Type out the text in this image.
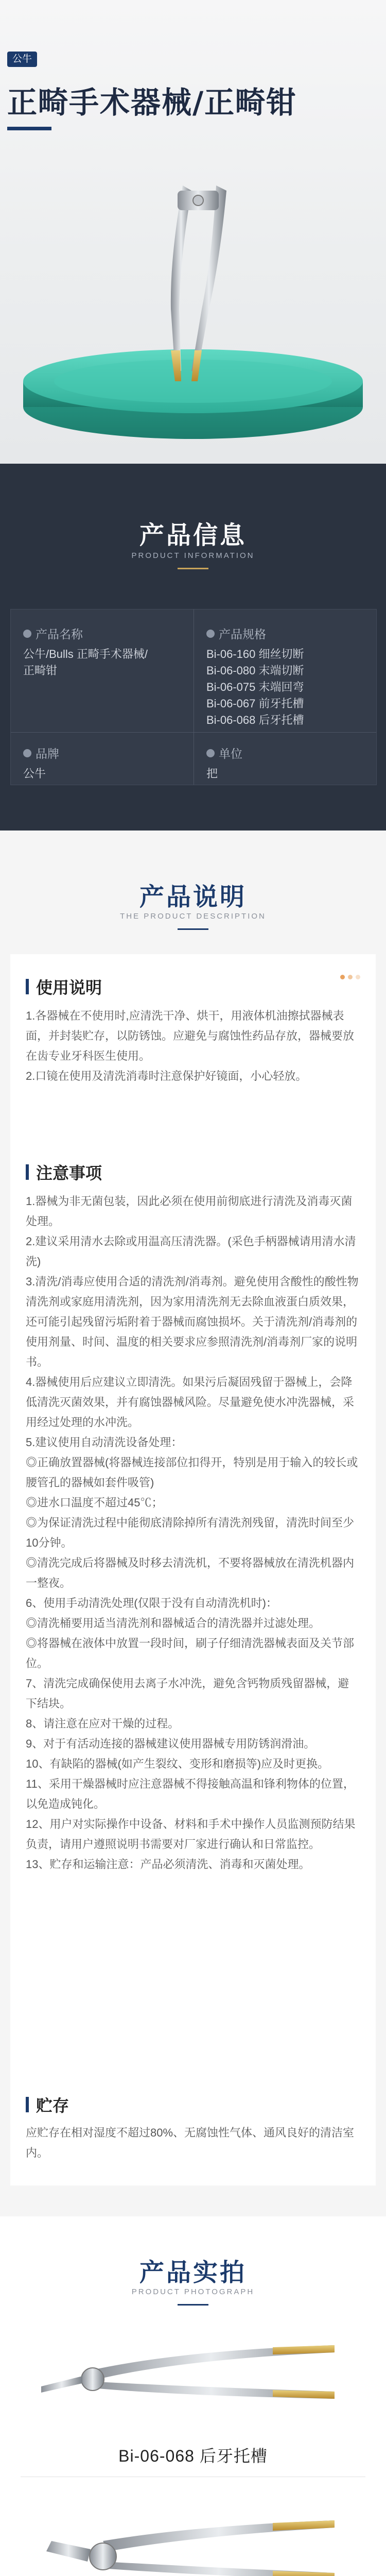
公牛
正畸手术器械/正畸钳
产品信息
PRODUCT INFORMATION
产品名称
公牛/Bulls 正畸手术器械/
正畸钳
产品规格
Bi-06-160 细丝切断
Bi-06-080 末端切断
Bi-06-075 末端回弯
Bi-06-067 前牙托槽
Bi-06-068 后牙托槽
品牌
公牛
单位
把
产品说明
THE PRODUCT DESCRIPTION
使用说明
1.各器械在不使用时,应清洗干净、烘干，用液体机油擦拭器械表面，并封装贮存，以防锈蚀。应避免与腐蚀性药品存放，器械要放在齿专业牙科医生使用。
2.口镜在使用及清洗消毒时注意保护好镜面，小心轻放。
注意事项
1.器械为非无菌包装，因此必须在使用前彻底进行清洗及消毒灭菌处理。
2.建议采用清水去除或用温高压清洗器。(采色手柄器械请用清水清洗)
3.清洗/消毒应使用合适的清洗剂/消毒剂。避免使用含酸性的酸性物清洗剂或家庭用清洗剂，因为家用清洗剂无去除血液蛋白质效果，还可能引起残留污垢附着于器械而腐蚀损坏。关于清洗剂/消毒剂的使用剂量、时间、温度的相关要求应参照清洗剂/消毒剂厂家的说明书。
4.器械使用后应建议立即清洗。如果污后凝固残留于器械上，会降低清洗灭菌效果，并有腐蚀器械风险。尽量避免使水冲洗器械，采用经过处理的水冲洗。
5.建议使用自动清洗设备处理：
◎正确放置器械(将器械连接部位扣得开，特别是用于输入的较长或腰管孔的器械如套件吸管)
◎进水口温度不超过45℃；
◎为保证清洗过程中能彻底清除掉所有清洗剂残留，清洗时间至少10分钟。
◎清洗完成后将器械及时移去清洗机，不要将器械放在清洗机器内一整夜。
6、使用手动清洗处理(仅限于没有自动清洗机时)：
◎清洗桶要用适当清洗剂和器械适合的清洗器并过滤处理。
◎将器械在液体中放置一段时间，刷子仔细清洗器械表面及关节部位。
7、清洗完成确保使用去离子水冲洗，避免含钙物质残留器械，避下结块。
8、请注意在应对干燥的过程。
9、对于有活动连接的器械建议使用器械专用防锈润滑油。
10、有缺陷的器械(如产生裂纹、变形和磨损等)应及时更换。
11、采用干燥器械时应注意器械不得接触高温和锋利物体的位置，以免造成钝化。
12、用户对实际操作中设备、材料和手术中操作人员监测预防结果负责，请用户遵照说明书需要对厂家进行确认和日常监控。
13、贮存和运输注意：产品必须清洗、消毒和灭菌处理。
贮存
应贮存在相对湿度不超过80%、无腐蚀性气体、通风良好的清洁室内。
产品实拍
PRODUCT PHOTOGRAPH
Bi-06-068 后牙托槽
